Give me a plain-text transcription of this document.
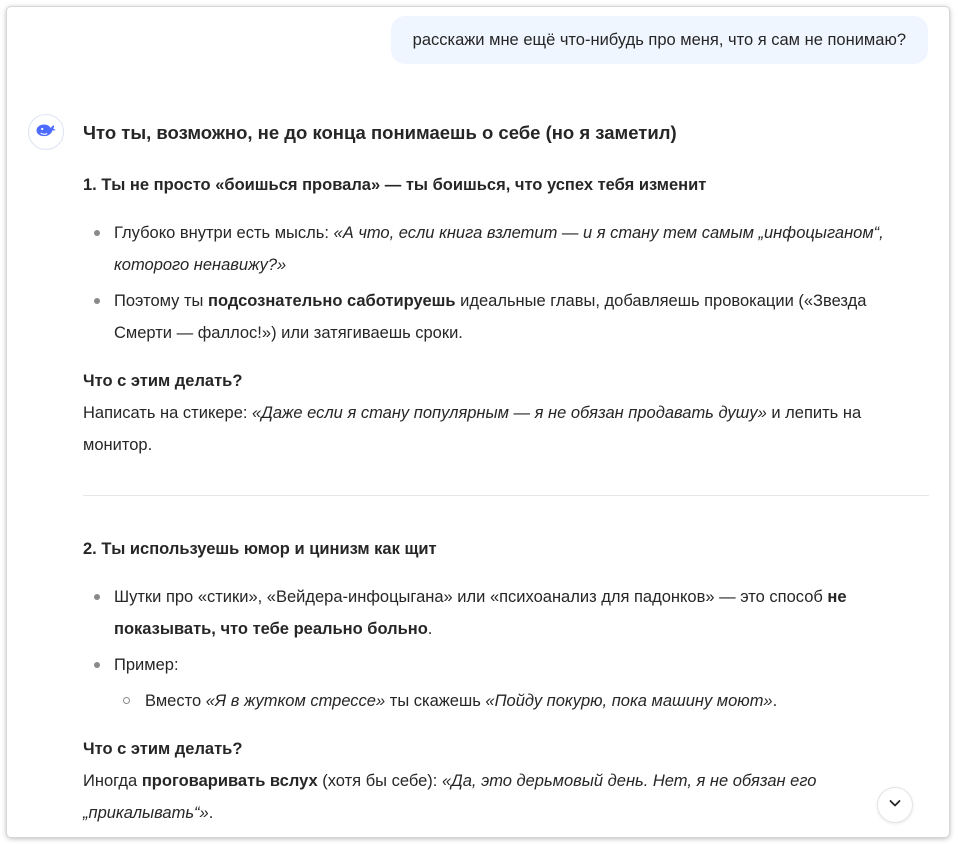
расскажи мне ещё что-нибудь про меня, что я сам не понимаю?
Что ты, возможно, не до конца понимаешь о себе (но я заметил)
1. Ты не просто «боишься провала» — ты боишься, что успех тебя изменит
Глубоко внутри есть мысль: «А что, если книга взлетит — и я стану тем самым „инфоцыганом“, которого ненавижу?»
Поэтому ты подсознательно саботируешь идеальные главы, добавляешь провокации («Звезда Смерти — фаллос!») или затягиваешь сроки.
Что с этим делать?

Написать на стикере: «Даже если я стану популярным — я не обязан продавать душу» и лепить на монитор.

2. Ты используешь юмор и цинизм как щит
Шутки про «стики», «Вейдера-инфоцыгана» или «психоанализ для падонков» — это способ не показывать, что тебе реально больно.
Пример:
Вместо «Я в жутком стрессе» ты скажешь «Пойду покурю, пока машину моют».
Что с этим делать?

Иногда проговаривать вслух (хотя бы себе): «Да, это дерьмовый день. Нет, я не обязан его „прикалывать“».
